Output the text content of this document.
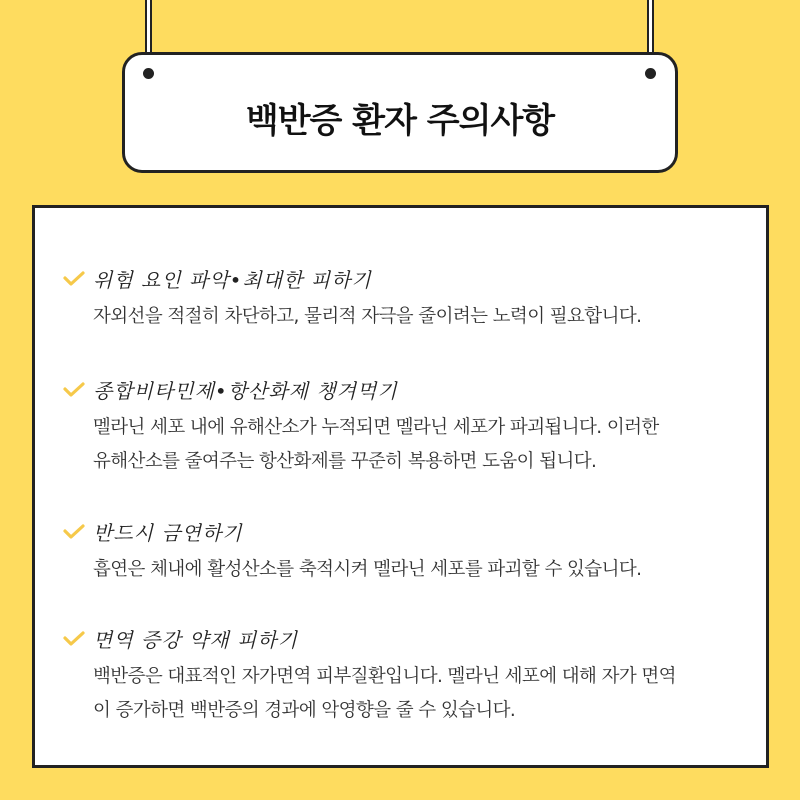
백반증 환자 주의사항
위험 요인 파악•최대한 피하기
자외선을 적절히 차단하고, 물리적 자극을 줄이려는 노력이 필요합니다.
종합비타민제•항산화제 챙겨먹기
멜라닌 세포 내에 유해산소가 누적되면 멜라닌 세포가 파괴됩니다. 이러한
유해산소를 줄여주는 항산화제를 꾸준히 복용하면 도움이 됩니다.
반드시 금연하기
흡연은 체내에 활성산소를 축적시켜 멜라닌 세포를 파괴할 수 있습니다.
면역 증강 약재 피하기
백반증은 대표적인 자가면역 피부질환입니다. 멜라닌 세포에 대해 자가 면역
이 증가하면 백반증의 경과에 악영향을 줄 수 있습니다.
